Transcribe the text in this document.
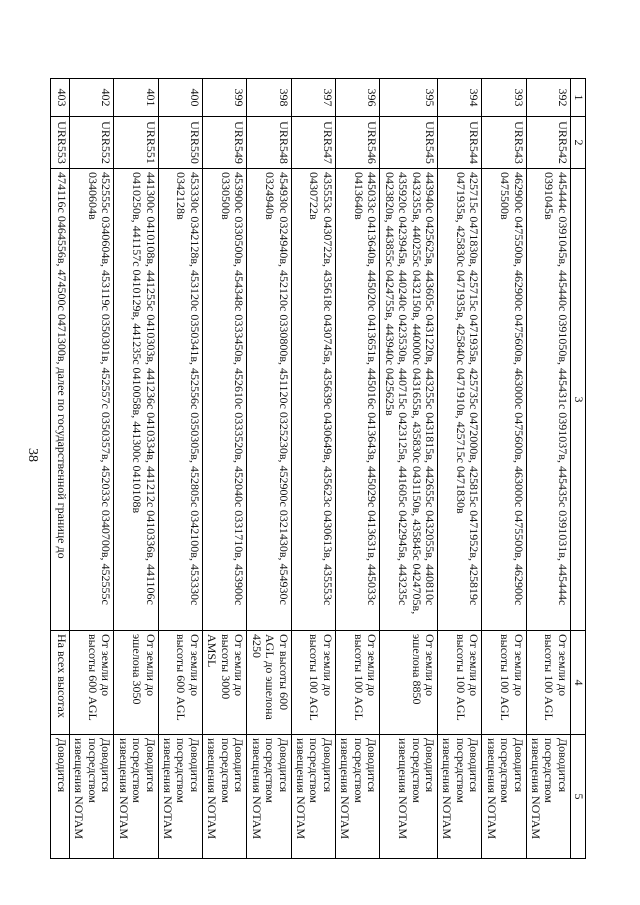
38
1	2	3	4	5
392	URR542	445444с 0391045в, 445440с 0391050в, 445431с 0391037в, 445435с 0391031в, 445444с 0391045в	От земли до высоты 100 AGL	Доводится посредством извещения NOTAM
393	URR543	462900с 0475500в, 462900с 0475600в, 463000с 0475600в, 463000с 0475500в, 462900с 0475500в	От земли до высоты 100 AGL	Доводится посредством извещения NOTAM
394	URR544	425715с 0471830в, 425715с 0471935в, 425735с 0472000в, 425815с 0471952в, 425819с 0471935в, 425830с 0471935в, 425840с 0471910в, 425715с 0471830в	От земли до высоты 100 AGL	Доводится посредством извещения NOTAM
395	URR545	443940с 0425625в, 443605с 0431220в, 443255с 0431815в, 442655с 0432055в, 440810с 0432355в, 440255с 0432150в, 440000с 0431655в, 435830с 0431150в, 435845с 0424705в, 435920с 0423945в, 440240с 0423530в, 440715с 0423125в, 441605с 0422945в, 443235с 0423820в, 443855с 0424755в, 443940с 0425625в	От земли до эшелона 8850	Доводится посредством извещения NOTAM
396	URR546	445033с 0413640в, 445020с 0413651в, 445016с 0413643в, 445029с 0413631в, 445033с 0413640в	От земли до высоты 100 AGL	Доводится посредством извещения NOTAM
397	URR547	435553с 0430722в, 435618с 0430745в, 435639с 0430649в, 435623с 0430613в, 435553с 0430722в	От земли до высоты 100 AGL	Доводится посредством извещения NOTAM
398	URR548	454930с 0324940в, 452120с 0330800в, 451120с 0325230в, 452900с 0321430в, 454930с 0324940в	От высоты 600 AGL до эшелона 4250	Доводится посредством извещения NOTAM
399	URR549	453900с 0330500в, 454348с 0333450в, 452610с 0333520в, 452040с 0331710в, 453900с 0330500в	От земли до высоты 3000 AMSL	Доводится посредством извещения NOTAM
400	URR550	453330с 0342128в, 453120с 0350341в, 452556с 0350305в, 452805с 0342100в, 453330с 0342128в	От земли до высоты 600 AGL	Доводится посредством извещения NOTAM
401	URR551	441300с 0410108в, 441255с 0410303в, 441236с 0410334в, 441212с 0410336в, 441106с 0410250в, 441157с 0410129в, 441235с 0410058в, 441300с 0410108в	От земли до эшелона 3050	Доводится посредством извещения NOTAM
402	URR552	452555с 0340604в, 453119с 0350301в, 452557с 0350357в, 452033с 0340700в, 452555с 0340604в	От земли до высоты 600 AGL	Доводится посредством извещения NOTAM
403	URR553	474116с 0464556в, 474500с 0471300в, далее по государственной границе до	На всех высотах	Доводится
